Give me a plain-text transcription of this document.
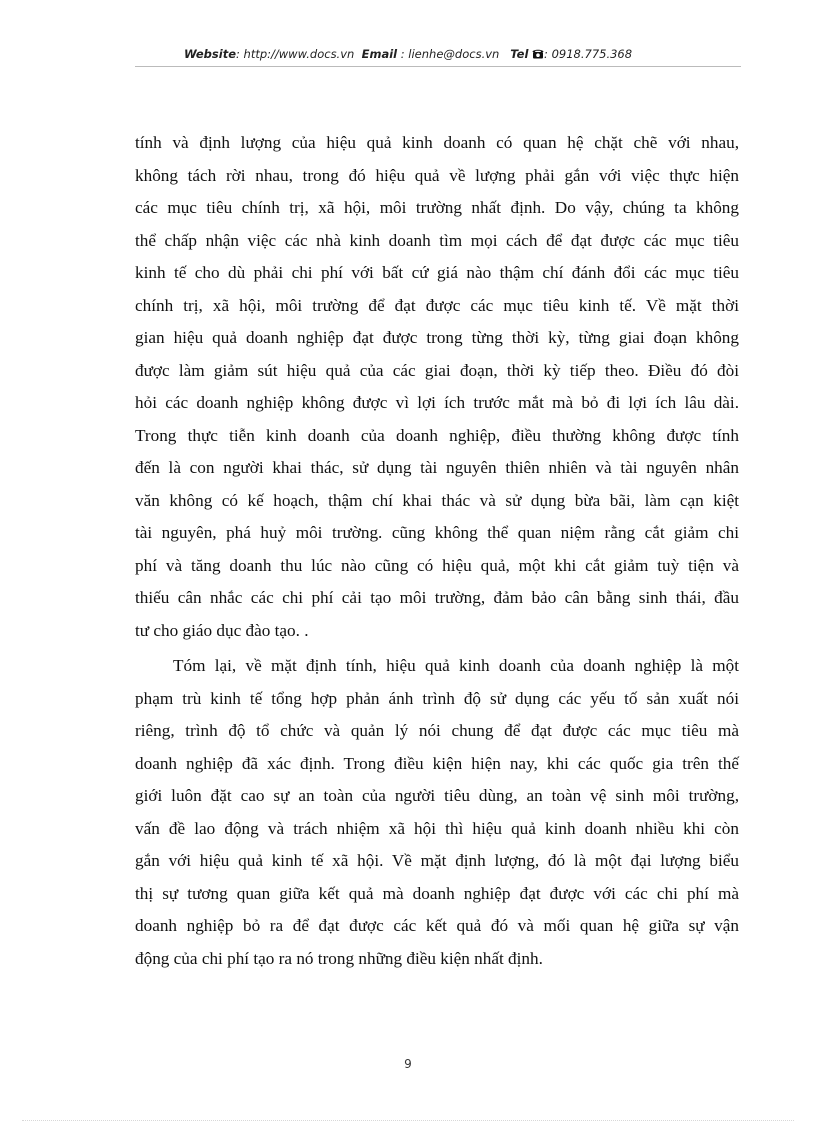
Website: http://www.docs.vn Email : lienhe@docs.vn Tel : 0918.775.368
tính và định lượng của hiệu quả kinh doanh có quan hệ chặt chẽ với nhau,
không tách rời nhau, trong đó hiệu quả về lượng phải gắn với việc thực hiện
các mục tiêu chính trị, xã hội, môi trường nhất định. Do vậy, chúng ta không
thể chấp nhận việc các nhà kinh doanh tìm mọi cách để đạt được các mục tiêu
kinh tế cho dù phải chi phí với bất cứ giá nào thậm chí đánh đổi các mục tiêu
chính trị, xã hội, môi trường để đạt được các mục tiêu kinh tế. Về mặt thời
gian hiệu quả doanh nghiệp đạt được trong từng thời kỳ, từng giai đoạn không
được làm giảm sút hiệu quả của các giai đoạn, thời kỳ tiếp theo. Điều đó đòi
hỏi các doanh nghiệp không được vì lợi ích trước mắt mà bỏ đi lợi ích lâu dài.
Trong thực tiễn kinh doanh của doanh nghiệp, điều thường không được tính
đến là con người khai thác, sử dụng tài nguyên thiên nhiên và tài nguyên nhân
văn không có kế hoạch, thậm chí khai thác và sử dụng bừa bãi, làm cạn kiệt
tài nguyên, phá huỷ môi trường. cũng không thể quan niệm rằng cắt giảm chi
phí và tăng doanh thu lúc nào cũng có hiệu quả, một khi cắt giảm tuỳ tiện và
thiếu cân nhắc các chi phí cải tạo môi trường, đảm bảo cân bằng sinh thái, đầu
tư cho giáo dục đào tạo. .
Tóm lại, về mặt định tính, hiệu quả kinh doanh của doanh nghiệp là một
phạm trù kinh tế tổng hợp phản ánh trình độ sử dụng các yếu tố sản xuất nói
riêng, trình độ tổ chức và quản lý nói chung để đạt được các mục tiêu mà
doanh nghiệp đã xác định. Trong điều kiện hiện nay, khi các quốc gia trên thế
giới luôn đặt cao sự an toàn của người tiêu dùng, an toàn vệ sinh môi trường,
vấn đề lao động và trách nhiệm xã hội thì hiệu quả kinh doanh nhiều khi còn
gắn với hiệu quả kinh tế xã hội. Về mặt định lượng, đó là một đại lượng biểu
thị sự tương quan giữa kết quả mà doanh nghiệp đạt được với các chi phí mà
doanh nghiệp bỏ ra để đạt được các kết quả đó và mối quan hệ giữa sự vận
động của chi phí tạo ra nó trong những điều kiện nhất định.
9
